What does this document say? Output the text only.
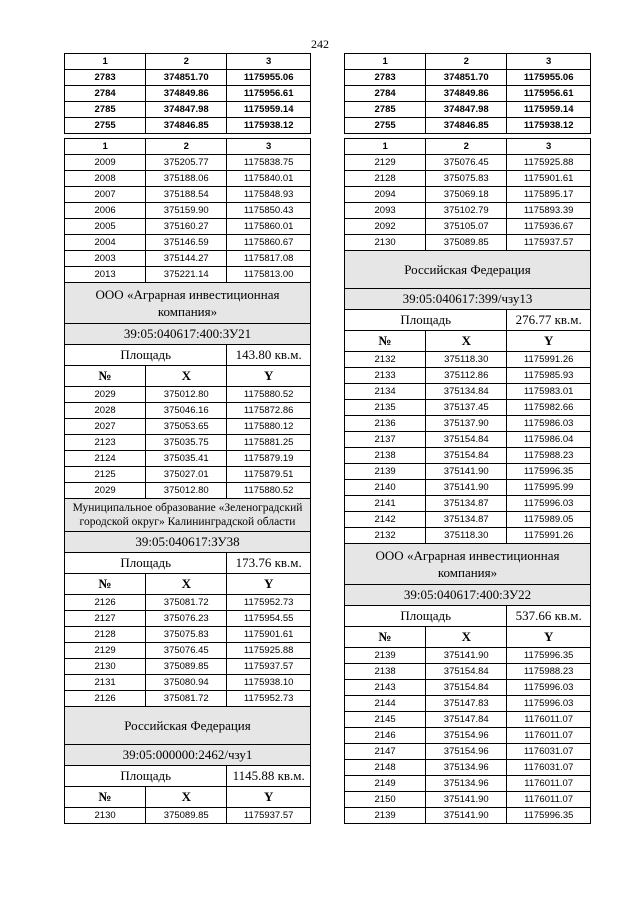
242
1	2	3
2783	374851.70	1175955.06
2784	374849.86	1175956.61
2785	374847.98	1175959.14
2755	374846.85	1175938.12

1	2	3
2009	375205.77	1175838.75
2008	375188.06	1175840.01
2007	375188.54	1175848.93
2006	375159.90	1175850.43
2005	375160.27	1175860.01
2004	375146.59	1175860.67
2003	375144.27	1175817.08
2013	375221.14	1175813.00
ООО «Аграрная инвестиционная компания»		
39:05:040617:400:ЗУ21		
Площадь		143.80 кв.м.
№	X	Y
2029	375012.80	1175880.52
2028	375046.16	1175872.86
2027	375053.65	1175880.12
2123	375035.75	1175881.25
2124	375035.41	1175879.19
2125	375027.01	1175879.51
2029	375012.80	1175880.52
Муниципальное образование «Зеленоградский городской округ» Калининградской области		
39:05:040617:ЗУ38		
Площадь		173.76 кв.м.
№	X	Y
2126	375081.72	1175952.73
2127	375076.23	1175954.55
2128	375075.83	1175901.61
2129	375076.45	1175925.88
2130	375089.85	1175937.57
2131	375080.94	1175938.10
2126	375081.72	1175952.73
Российская Федерация		
39:05:000000:2462/чзу1		
Площадь		1145.88 кв.м.
№	X	Y
2130	375089.85	1175937.57
1	2	3
2783	374851.70	1175955.06
2784	374849.86	1175956.61
2785	374847.98	1175959.14
2755	374846.85	1175938.12

1	2	3
2129	375076.45	1175925.88
2128	375075.83	1175901.61
2094	375069.18	1175895.17
2093	375102.79	1175893.39
2092	375105.07	1175936.67
2130	375089.85	1175937.57
Российская Федерация		
39:05:040617:399/чзу13		
Площадь		276.77 кв.м.
№	X	Y
2132	375118.30	1175991.26
2133	375112.86	1175985.93
2134	375134.84	1175983.01
2135	375137.45	1175982.66
2136	375137.90	1175986.03
2137	375154.84	1175986.04
2138	375154.84	1175988.23
2139	375141.90	1175996.35
2140	375141.90	1175995.99
2141	375134.87	1175996.03
2142	375134.87	1175989.05
2132	375118.30	1175991.26
ООО «Аграрная инвестиционная компания»		
39:05:040617:400:ЗУ22		
Площадь		537.66 кв.м.
№	X	Y
2139	375141.90	1175996.35
2138	375154.84	1175988.23
2143	375154.84	1175996.03
2144	375147.83	1175996.03
2145	375147.84	1176011.07
2146	375154.96	1176011.07
2147	375154.96	1176031.07
2148	375134.96	1176031.07
2149	375134.96	1176011.07
2150	375141.90	1176011.07
2139	375141.90	1175996.35
